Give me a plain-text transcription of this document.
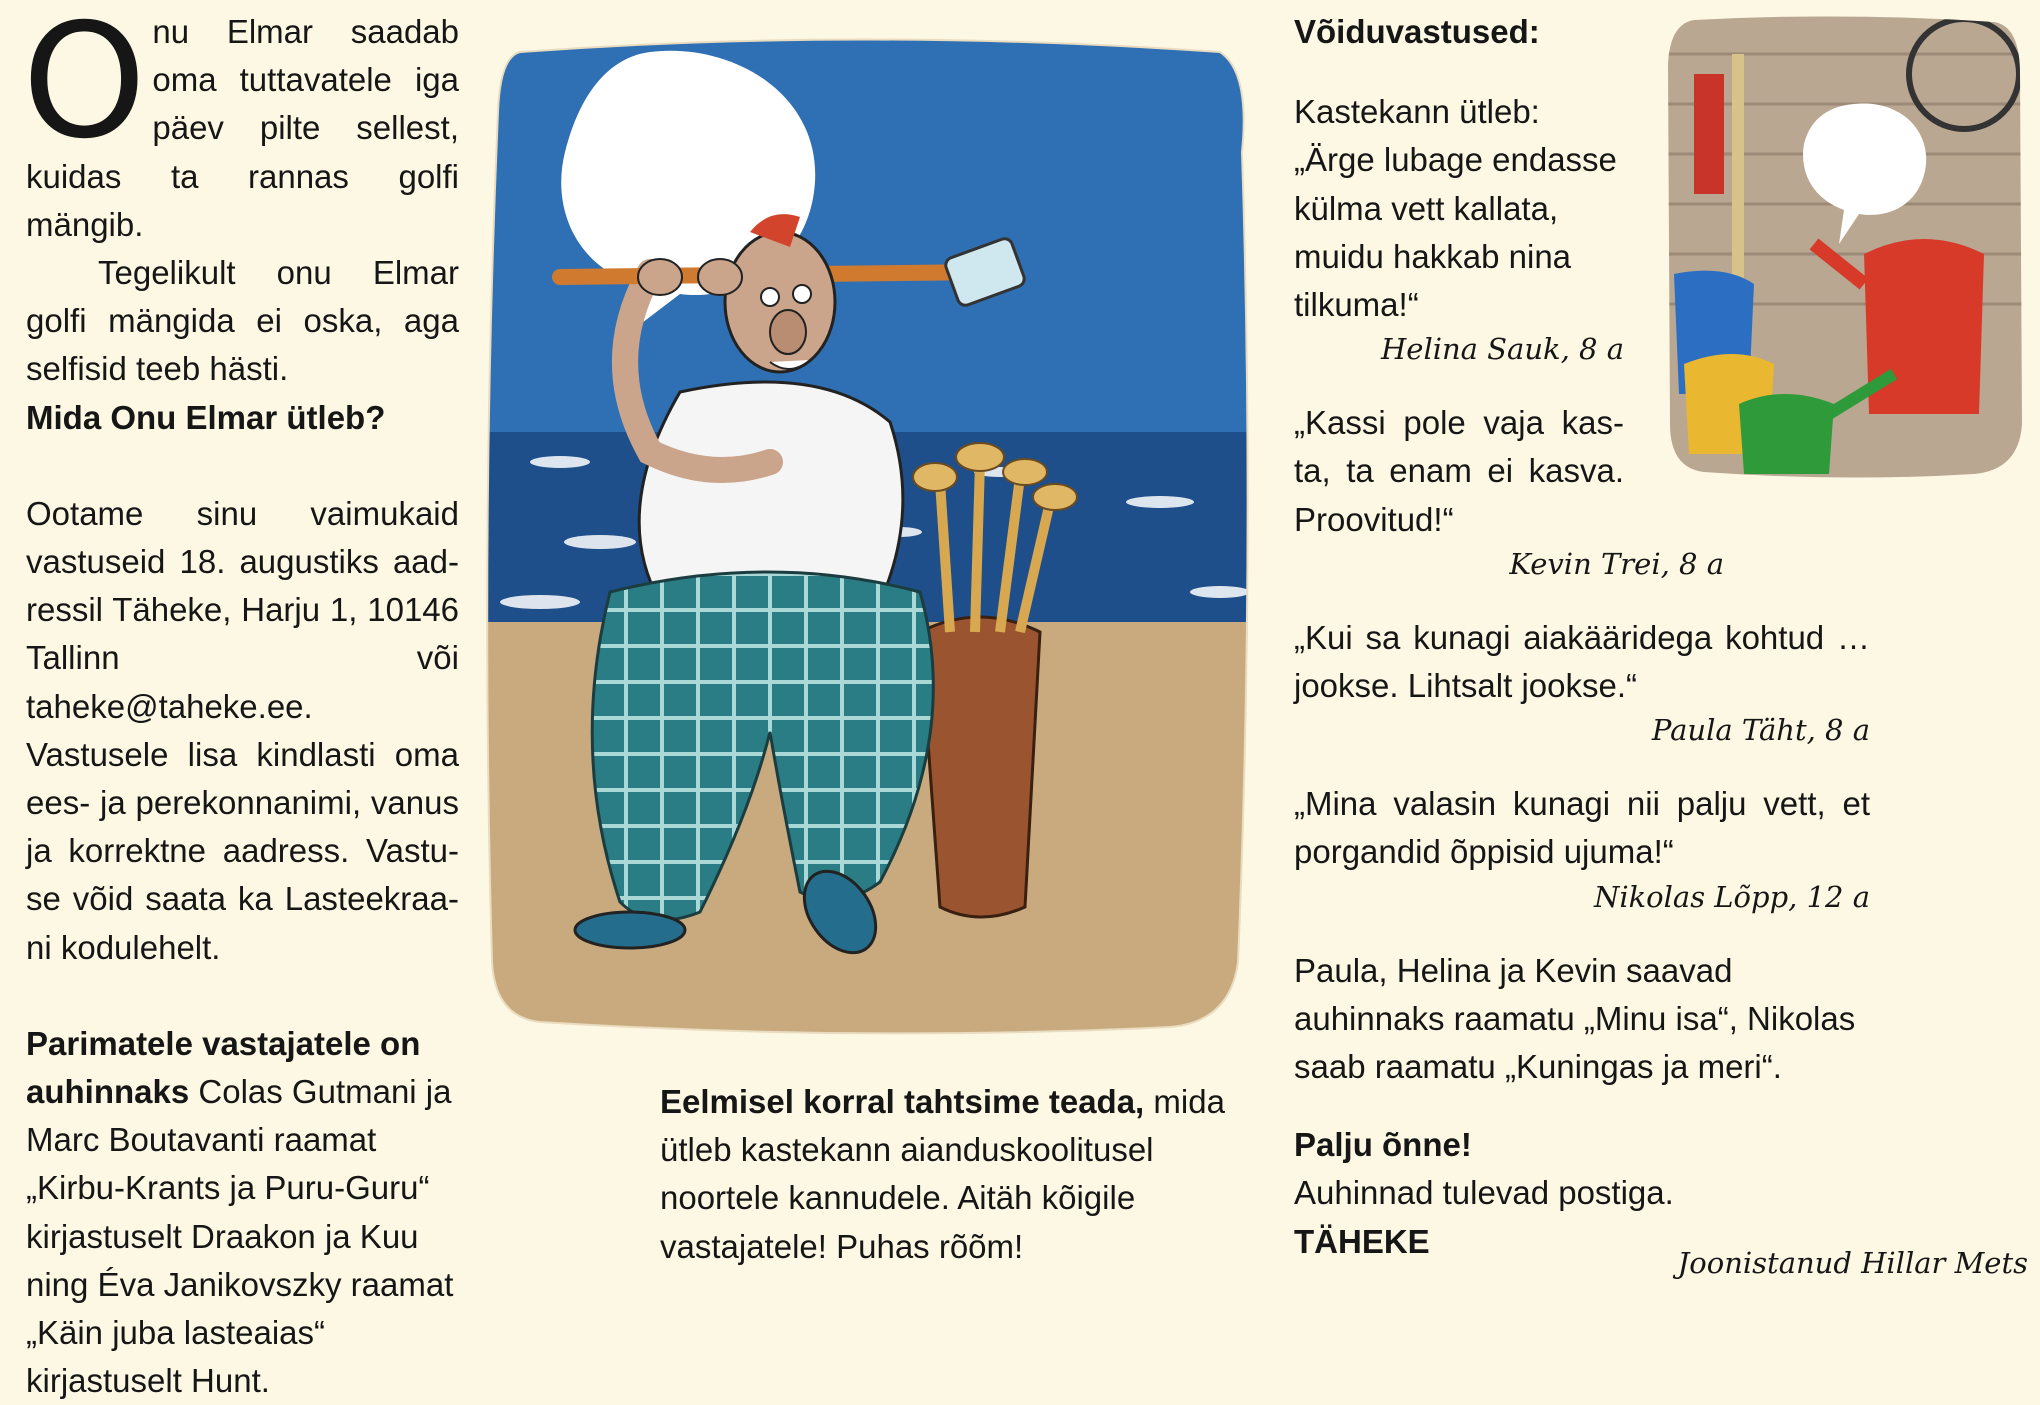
O nu Elmar saadab oma tuttavatele iga päev pilte sellest, kuidas ta rannas golfi mängib.

Tegelikult onu Elmar golfi mängida ei oska, aga selfisid teeb hästi.

Mida Onu Elmar ütleb?

Ootame sinu vaimukaid vastuseid 18. augustiks aadressil Täheke, Harju 1, 10146 Tallinn või taheke@taheke.ee. Vastusele lisa kindlasti oma ees- ja perekonnanimi, vanus ja korrektne aadress. Vastuse võid saata ka Lasteekraani kodulehelt.

Parimatele vastajatele on auhinnaks Colas Gutmani ja Marc Boutavanti raamat „Kirbu-Krants ja Puru-Guru“ kirjastuselt Draakon ja Kuu ning Éva Janikovszky raamat „Käin juba lasteaias“ kirjastuselt Hunt.

Eelmisel korral tahtsime teada, mida ütleb kastekann aianduskoolitusel noortele kannudele. Aitäh kõigile vastajatele! Puhas rõõm!

Võiduvastused:

Kastekann ütleb:

„Ärge lubage endasse külma vett kallata, muidu hakkab nina tilkuma!“

Helina Sauk, 8 a

„Kassi pole vaja kasta, ta enam ei kasva. Proovitud!“

Kevin Trei, 8 a

„Kui sa kunagi aiakääridega kohtud … jookse. Lihtsalt jookse.“

Paula Täht, 8 a

„Mina valasin kunagi nii palju vett, et porgandid õppisid ujuma!“

Nikolas Lõpp, 12 a

Paula, Helina ja Kevin saavad auhinnaks raamatu „Minu isa“, Nikolas saab raamatu „Kuningas ja meri“.

Palju õnne!

Auhinnad tulevad postiga.

TÄHEKE

Joonistanud Hillar Mets
